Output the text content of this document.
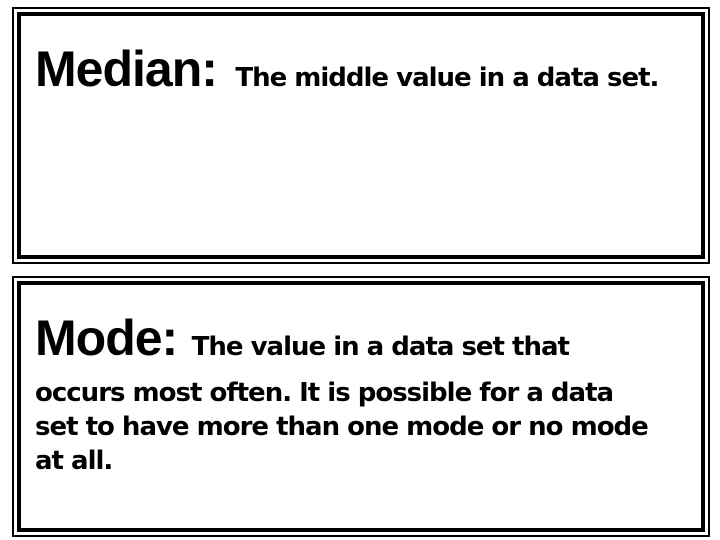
Median: The middle value in a data set.
Mode: The value in a data set that
occurs most often. It is possible for a data
set to have more than one mode or no mode
at all.
